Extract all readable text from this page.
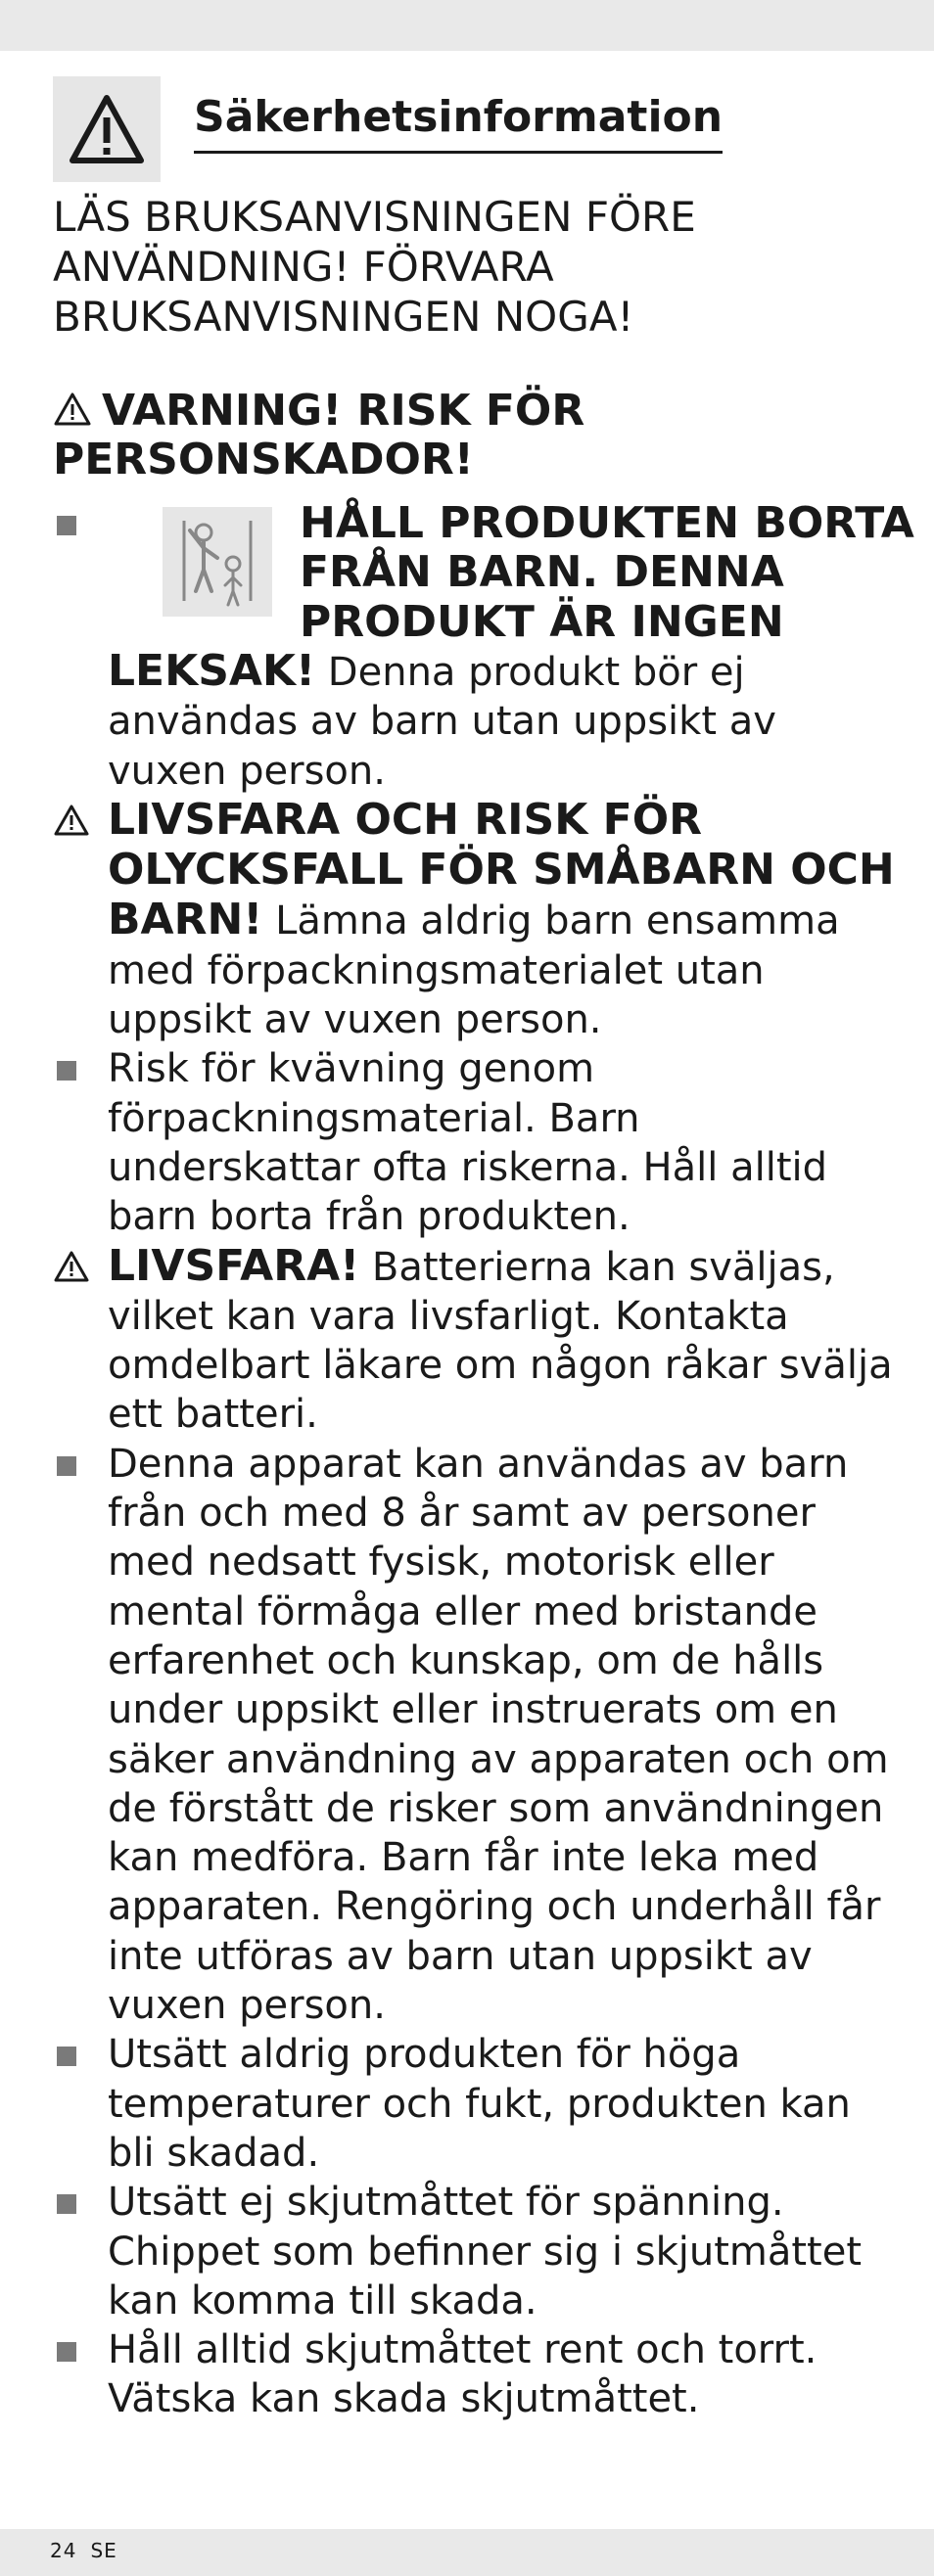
Säkerhetsinformation
LÄS BRUKSANVISNINGEN FÖRE ANVÄNDNING! FÖRVARA BRUKSANVISNINGEN NOGA!
VARNING! RISK FÖR PERSONSKADOR!
HÅLL PRODUKTEN BORTA FRÅN BARN. DENNA PRODUKT ÄR INGEN
LEKSAK! Denna produkt bör ej användas av barn utan uppsikt av vuxen person.
LIVSFARA OCH RISK FÖR OLYCKSFALL FÖR SMÅBARN OCH BARN! Lämna aldrig barn ensamma med förpackningsmaterialet utan uppsikt av vuxen person.
Risk för kvävning genom förpackningsmaterial. Barn underskattar ofta riskerna. Håll alltid barn borta från produkten.
LIVSFARA! Batterierna kan sväljas, vilket kan vara livsfarligt. Kontakta omdelbart läkare om någon råkar svälja ett batteri.
Denna apparat kan användas av barn från och med 8 år samt av personer med nedsatt fysisk, motorisk eller mental förmåga eller med bristande erfarenhet och kunskap, om de hålls under uppsikt eller instruerats om en säker användning av apparaten och om de förstått de risker som användningen kan medföra. Barn får inte leka med apparaten. Rengöring och underhåll får inte utföras av barn utan uppsikt av vuxen person.
Utsätt aldrig produkten för höga temperaturer och fukt, produkten kan bli skadad.
Utsätt ej skjutmåttet för spänning. Chippet som befinner sig i skjutmåttet kan komma till skada.
Håll alltid skjutmåttet rent och torrt. Vätska kan skada skjutmåttet.
24 SE
